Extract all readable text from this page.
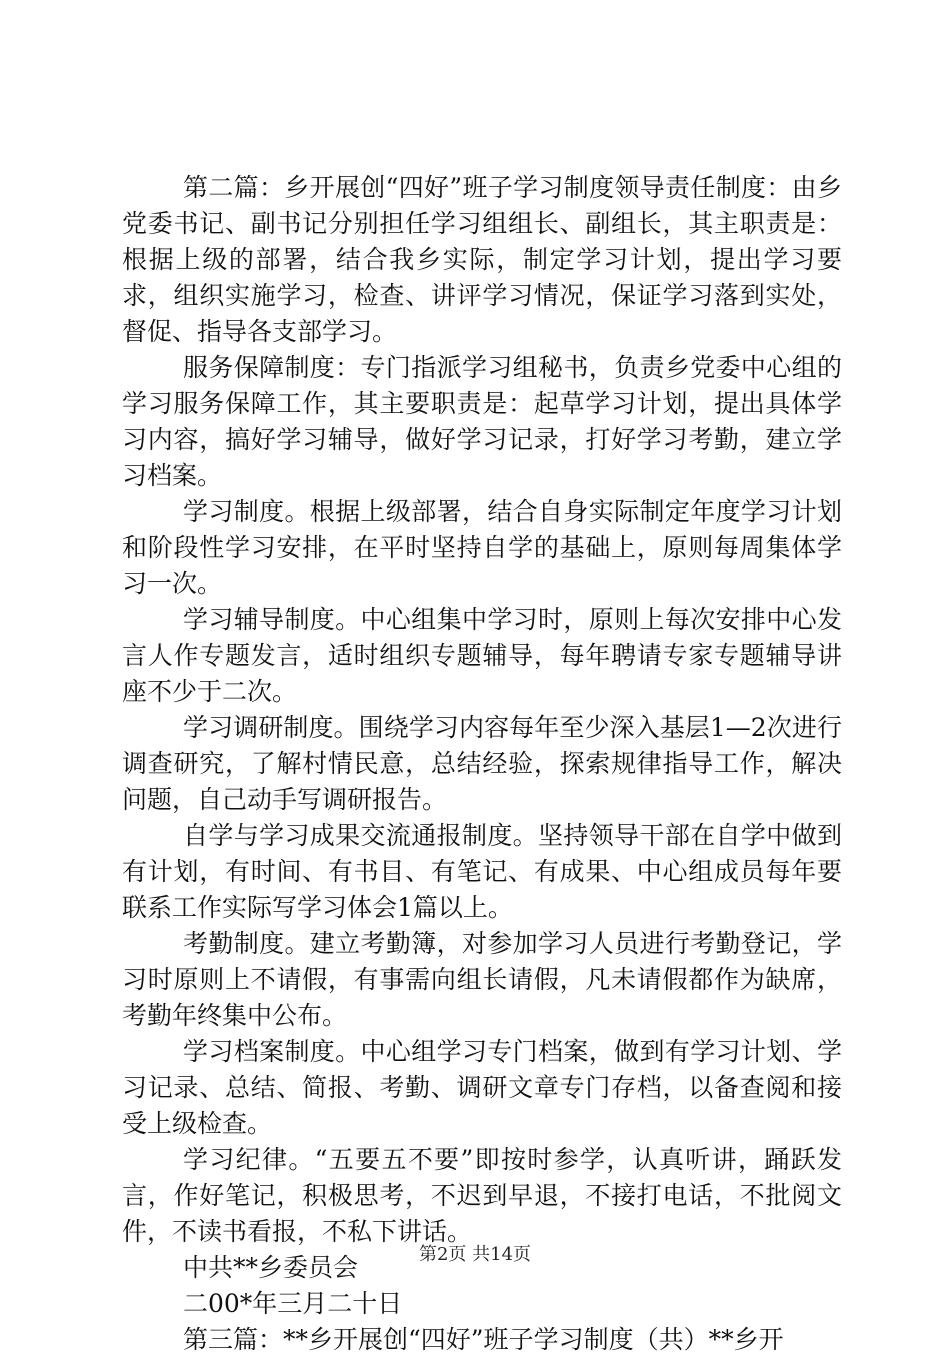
第二篇：乡开展创“四好”班子学习制度领导责任制度：由乡党委书记、副书记分别担任学习组组长、副组长，其主职责是：根据上级的部署，结合我乡实际，制定学习计划，提出学习要求，组织实施学习，检查、讲评学习情况，保证学习落到实处，督促、指导各支部学习。

服务保障制度：专门指派学习组秘书，负责乡党委中心组的学习服务保障工作，其主要职责是：起草学习计划，提出具体学习内容，搞好学习辅导，做好学习记录，打好学习考勤，建立学习档案。

学习制度。根据上级部署，结合自身实际制定年度学习计划和阶段性学习安排，在平时坚持自学的基础上，原则每周集体学习一次。

学习辅导制度。中心组集中学习时，原则上每次安排中心发言人作专题发言，适时组织专题辅导，每年聘请专家专题辅导讲座不少于二次。

学习调研制度。围绕学习内容每年至少深入基层1—2次进行调查研究，了解村情民意，总结经验，探索规律指导工作，解决问题，自己动手写调研报告。

自学与学习成果交流通报制度。坚持领导干部在自学中做到有计划，有时间、有书目、有笔记、有成果、中心组成员每年要联系工作实际写学习体会1篇以上。

考勤制度。建立考勤簿，对参加学习人员进行考勤登记，学习时原则上不请假，有事需向组长请假，凡未请假都作为缺席，考勤年终集中公布。

学习档案制度。中心组学习专门档案，做到有学习计划、学习记录、总结、简报、考勤、调研文章专门存档，以备查阅和接受上级检查。

学习纪律。“五要五不要”即按时参学，认真听讲，踊跃发言，作好笔记，积极思考，不迟到早退，不接打电话，不批阅文件，不读书看报，不私下讲话。

中共**乡委员会

二00*年三月二十日

第三篇：**乡开展创“四好”班子学习制度（共）**乡开

第2页 共14页
